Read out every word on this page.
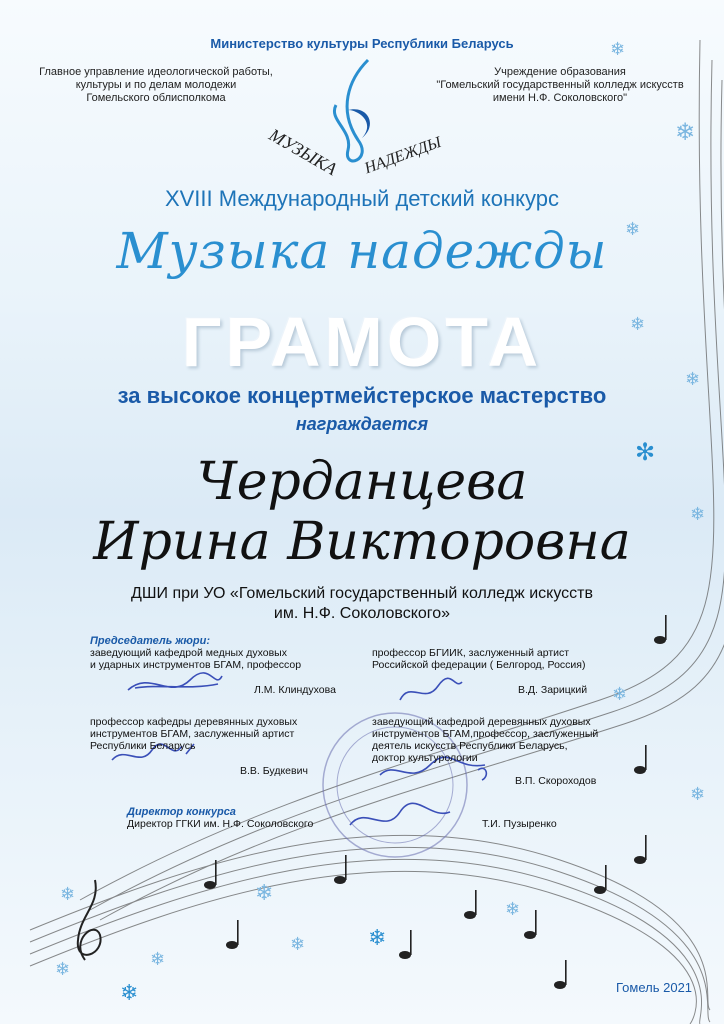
❄
❄
❄
❄
❄
✻
❄
❄
❄
❄	❄
❄	❄
❄
❄
❄
❄
Министерство культуры Республики Беларусь
Главное управление идеологической работы,
культуры и по делам молодежи
Гомельского облисполкома
Учреждение образования
"Гомельский государственный колледж искусств
имени Н.Ф. Соколовского"
МУЗЫКА НАДЕЖДЫ
XVIII Международный детский конкурс
Музыка надежды
ГРАМОТА
за высокое концертмейстерское мастерство
награждается
Черданцева
Ирина Викторовна
ДШИ при УО «Гомельский государственный колледж искусств
им. Н.Ф. Соколовского»
Председатель жюри:
заведующий кафедрой медных духовых
и ударных инструментов БГАМ, профессор
Л.М. Клиндухова
профессор БГИИК, заслуженный артист
Российской федерации ( Белгород, Россия)
В.Д. Зарицкий
профессор кафедры деревянных духовых
инструментов БГАМ, заслуженный артист
Республики Беларусь
В.В. Будкевич
заведующий кафедрой деревянных духовых
инструментов БГАМ,профессор, заслуженный
деятель искусств Республики Беларусь,
доктор культурологии
В.П. Скороходов
Директор конкурса
Директор ГГКИ им. Н.Ф. Соколовского	Т.И. Пузыренко
Гомель 2021
